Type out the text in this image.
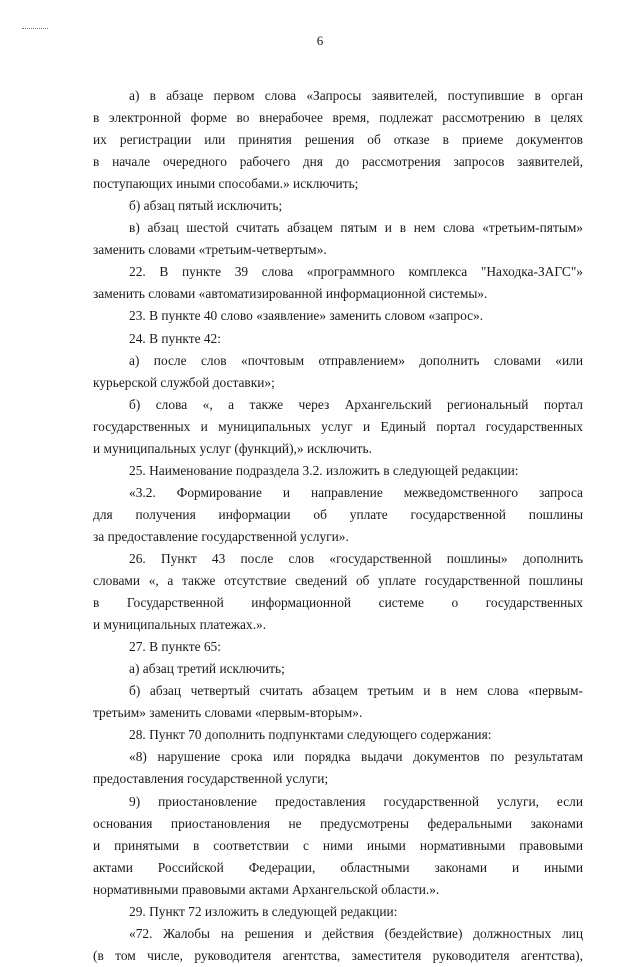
6
а) в абзаце первом слова «Запросы заявителей, поступившие в орган
в электронной форме во внерабочее время, подлежат рассмотрению в целях
их регистрации или принятия решения об отказе в приеме документов
в начале очередного рабочего дня до рассмотрения запросов заявителей,
поступающих иными способами.» исключить;
б) абзац пятый исключить;
в) абзац шестой считать абзацем пятым и в нем слова «третьим-пятым»
заменить словами «третьим-четвертым».
22. В пункте 39 слова «программного комплекса "Находка-ЗАГС"»
заменить словами «автоматизированной информационной системы».
23. В пункте 40 слово «заявление» заменить словом «запрос».
24. В пункте 42:
а) после слов «почтовым отправлением» дополнить словами «или
курьерской службой доставки»;
б) слова «, а также через Архангельский региональный портал
государственных и муниципальных услуг и Единый портал государственных
и муниципальных услуг (функций),» исключить.
25. Наименование подраздела 3.2. изложить в следующей редакции:
«3.2. Формирование и направление межведомственного запроса
для получения информации об уплате государственной пошлины
за предоставление государственной услуги».
26. Пункт 43 после слов «государственной пошлины» дополнить
словами «, а также отсутствие сведений об уплате государственной пошлины
в Государственной информационной системе о государственных
и муниципальных платежах.».
27. В пункте 65:
а) абзац третий исключить;
б) абзац четвертый считать абзацем третьим и в нем слова «первым-
третьим» заменить словами «первым-вторым».
28. Пункт 70 дополнить подпунктами следующего содержания:
«8) нарушение срока или порядка выдачи документов по результатам
предоставления государственной услуги;
9) приостановление предоставления государственной услуги, если
основания приостановления не предусмотрены федеральными законами
и принятыми в соответствии с ними иными нормативными правовыми
актами Российской Федерации, областными законами и иными
нормативными правовыми актами Архангельской области.».
29. Пункт 72 изложить в следующей редакции:
«72. Жалобы на решения и действия (бездействие) должностных лиц
(в том числе, руководителя агентства, заместителя руководителя агентства),
